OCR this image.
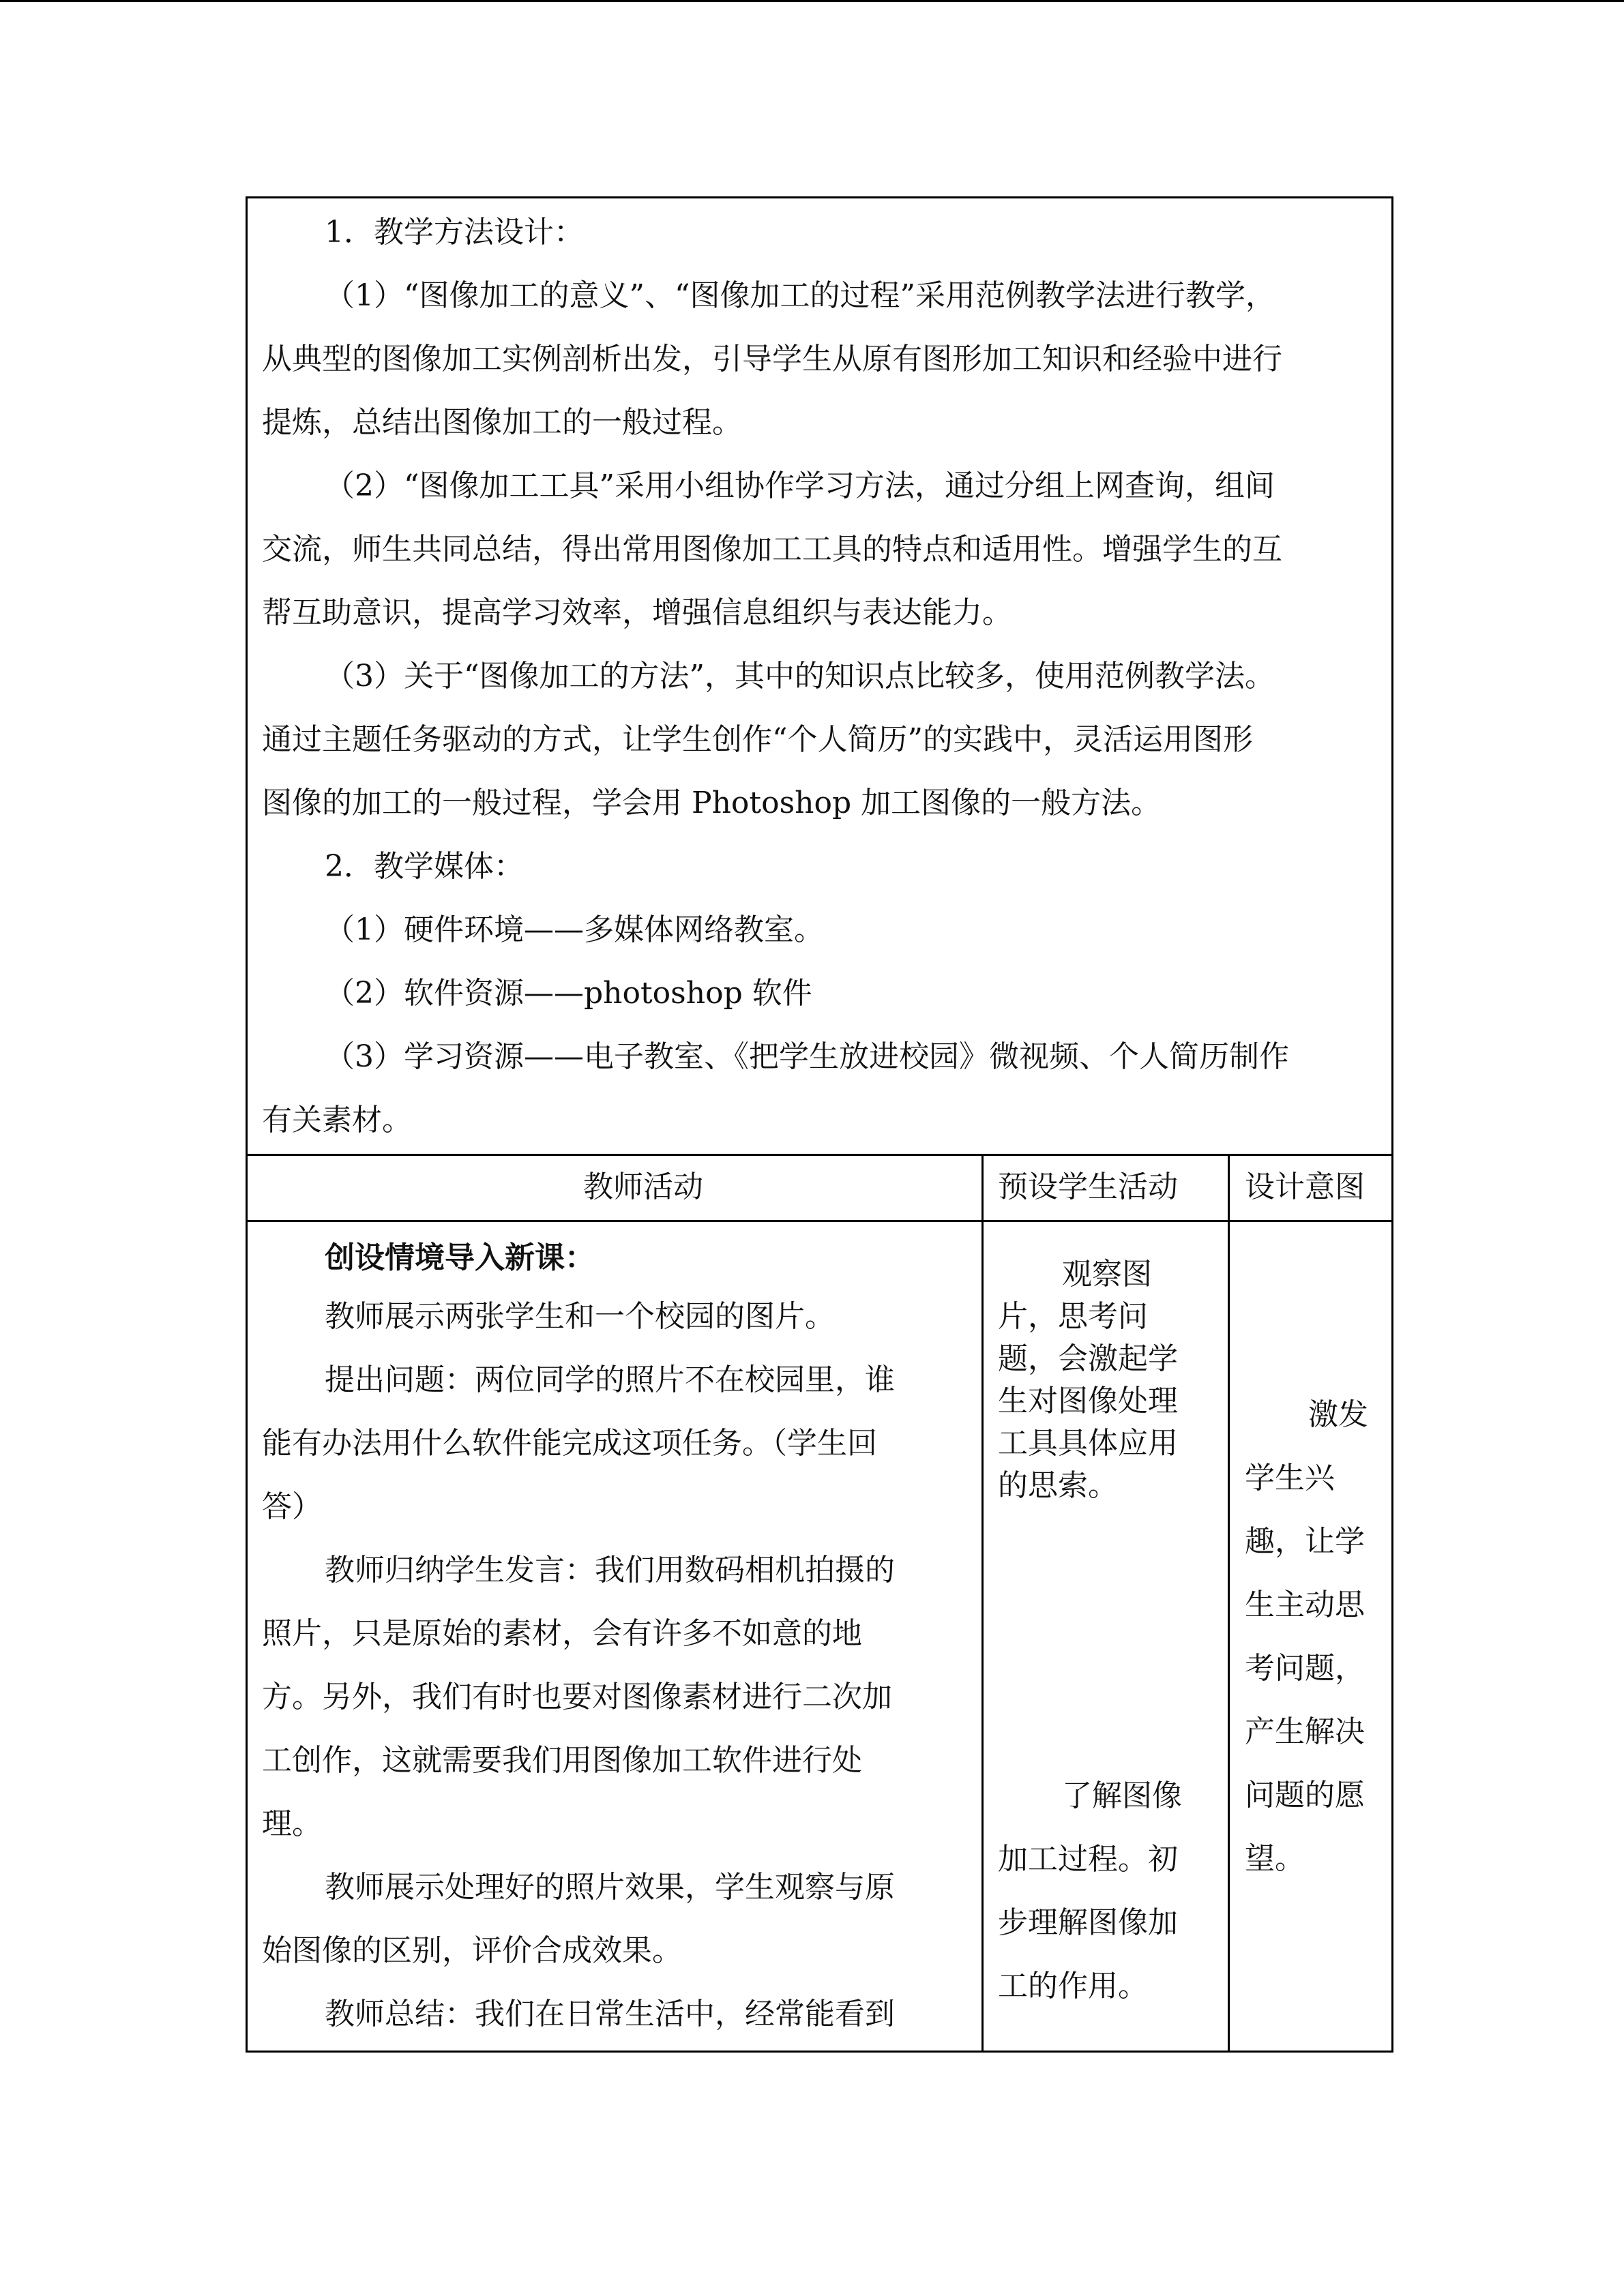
1．教学方法设计：
（1）“图像加工的意义”、“图像加工的过程”采用范例教学法进行教学，
从典型的图像加工实例剖析出发，引导学生从原有图形加工知识和经验中进行
提炼，总结出图像加工的一般过程。
（2）“图像加工工具”采用小组协作学习方法，通过分组上网查询，组间
交流，师生共同总结，得出常用图像加工工具的特点和适用性。增强学生的互
帮互助意识，提高学习效率，增强信息组织与表达能力。
（3）关于“图像加工的方法”，其中的知识点比较多，使用范例教学法。
通过主题任务驱动的方式，让学生创作“个人简历”的实践中，灵活运用图形
图像的加工的一般过程，学会用 Photoshop 加工图像的一般方法。
2．教学媒体：
（1）硬件环境——多媒体网络教室。
（2）软件资源——photoshop 软件
（3）学习资源——电子教室、《把学生放进校园》微视频、个人简历制作
有关素材。
教师活动	预设学生活动 设计意图
创设情境导入新课：
教师展示两张学生和一个校园的图片。
提出问题：两位同学的照片不在校园里，谁
能有办法用什么软件能完成这项任务。（学生回
答）
教师归纳学生发言：我们用数码相机拍摄的
照片，只是原始的素材，会有许多不如意的地
方。另外，我们有时也要对图像素材进行二次加
工创作，这就需要我们用图像加工软件进行处
理。
教师展示处理好的照片效果，学生观察与原
始图像的区别，评价合成效果。
教师总结：我们在日常生活中，经常能看到
观察图
片，思考问
题，会激起学
生对图像处理
工具具体应用
的思索。
了解图像
加工过程。初
步理解图像加
工的作用。
激发
学生兴
趣，让学
生主动思
考问题，
产生解决
问题的愿
望。
